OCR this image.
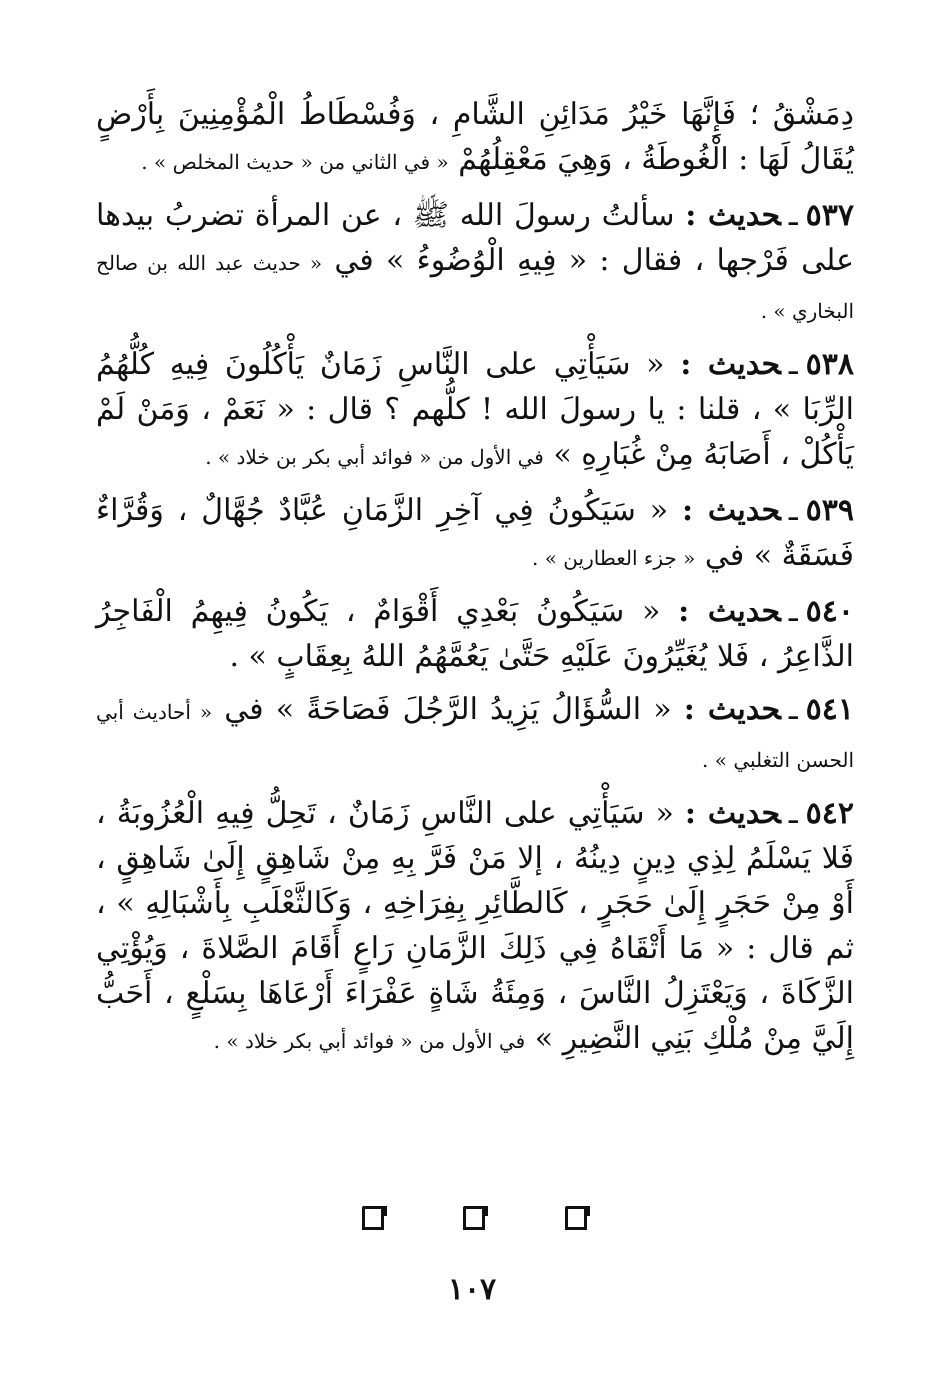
دِمَشْقُ ؛ فَإِنَّهَا خَيْرُ مَدَائِنِ الشَّامِ ، وَفُسْطَاطُ الْمُؤْمِنِينَ بِأَرْضٍ يُقَالُ لَهَا : الْغُوطَةُ ، وَهِيَ مَعْقِلُهُمْ « في الثاني من « حديث المخلص » .
٥٣٧ـحديث : سألتُ رسولَ الله ﷺ ، عن المرأة تضربُ بيدها على فَرْجها ، فقال : « فِيهِ الْوُضُوءُ » في « حديث عبد الله بن صالح البخاري » .
٥٣٨ـحديث : « سَيَأْتِي على النَّاسِ زَمَانٌ يَأْكُلُونَ فِيهِ كُلُّهُمُ الرِّبَا » ، قلنا : يا رسولَ الله ! كلُّهم ؟ قال : « نَعَمْ ، وَمَنْ لَمْ يَأْكُلْ ، أَصَابَهُ مِنْ غُبَارِهِ » في الأول من « فوائد أبي بكر بن خلاد » .
٥٣٩ـحديث : « سَيَكُونُ فِي آخِرِ الزَّمَانِ عُبَّادٌ جُهَّالٌ ، وَقُرَّاءٌ فَسَقَةٌ » في « جزء العطارين » .
٥٤٠ـحديث : « سَيَكُونُ بَعْدِي أَقْوَامٌ ، يَكُونُ فِيهِمُ الْفَاجِرُ الذَّاعِرُ ، فَلا يُغَيِّرُونَ عَلَيْهِ حَتَّىٰ يَعُمَّهُمُ اللهُ بِعِقَابٍ » .
٥٤١ـحديث : « السُّؤَالُ يَزِيدُ الرَّجُلَ فَصَاحَةً » في « أحاديث أبي الحسن التغلبي » .
٥٤٢ـحديث : « سَيَأْتِي على النَّاسِ زَمَانٌ ، تَحِلُّ فِيهِ الْعُزُوبَةُ ، فَلا يَسْلَمُ لِذِي دِينٍ دِينُهُ ، إلا مَنْ فَرَّ بِهِ مِنْ شَاهِقٍ إِلَىٰ شَاهِقٍ ، أَوْ مِنْ حَجَرٍ إِلَىٰ حَجَرٍ ، كَالطَّائِرِ بِفِرَاخِهِ ، وَكَالثَّعْلَبِ بِأَشْبَالِهِ » ، ثم قال : « مَا أَتْقَاهُ فِي ذَلِكَ الزَّمَانِ رَاعٍ أَقَامَ الصَّلاةَ ، وَيُؤْتِي الزَّكَاةَ ، وَيَعْتَزِلُ النَّاسَ ، وَمِئَةُ شَاةٍ عَفْرَاءَ أَرْعَاهَا بِسَلْعٍ ، أَحَبُّ إِلَيَّ مِنْ مُلْكِ بَنِي النَّضِيرِ » في الأول من « فوائد أبي بكر خلاد » .
١٠٧
